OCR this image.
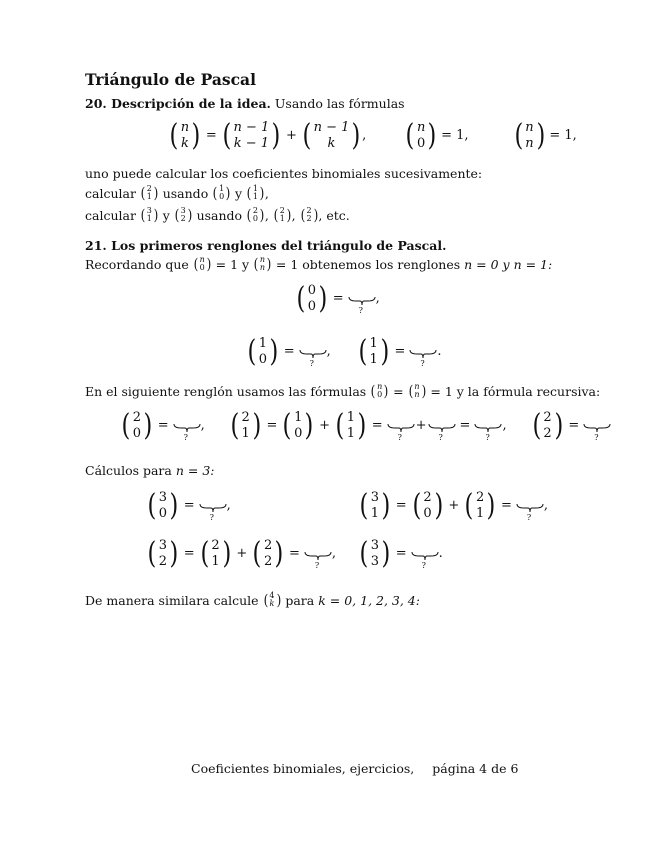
Triángulo de Pascal
20. Descripción de la idea. Usando las fórmulas
( n
k ) = ( n − 1
k − 1 ) + ( n − 1
k ) , ( n
0 ) = 1, ( n
n ) = 1,
uno puede calcular los coeficientes binomiales sucesivamente:
calcular
( 2
1 )
usando
( 1
0 )
y
( 1
1 ) ,
calcular
( 3
1 )
y
( 3
2 )
usando
( 2
0 ) ,
( 2
1 ) ,
( 2
2 ) , etc.
21. Los primeros renglones del triángulo de Pascal.
Recordando que
( n
0 )
= 1 y
( n
n )
= 1 obtenemos los renglones
n = 0 y n = 1:
( 0
0 ) =
?
,
( 1
0 ) =
?
, ( 1
1 ) =
?
.
En el siguiente renglón usamos las fórmulas
( n
0 )
=
( n
n )
= 1 y la fórmula recursiva:
( 2
0 ) =
?
, ( 2
1 ) = ( 1
0 ) + ( 1
1 ) =
?
+
?
=
?
, ( 2
2 ) =
?
Cálculos para n = 3:
( 3
0 ) =
?
,	( 3
1 ) = ( 2
0 ) + ( 2
1 ) =
?
,
( 3
2 ) = ( 2
1 ) + ( 2
2 ) =
?
, ( 3
3 ) =
?
.
De manera similara calcule
( 4
k )
para
k = 0, 1, 2, 3, 4:
Coeficientes binomiales, ejercicios, página 4 de 6
